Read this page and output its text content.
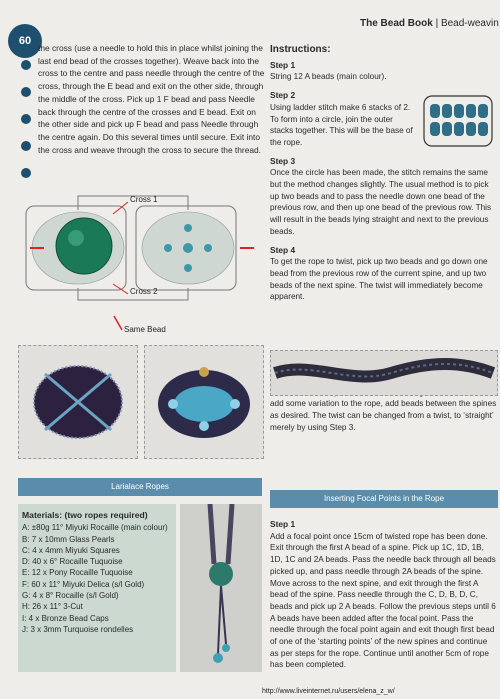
60
The Bead Book | Bead-weavin
the cross (use a needle to hold this in place whilst joining the last end bead of the crosses together). Weave back into the cross to the centre and pass needle through the centre of the cross, through the E bead and exit on the other side, through the middle of the cross. Pick up 1 F bead and pass Needle back through the centre of the crosses and E bead. Exit on the other side and pick up F bead and pass Needle through the centre again. Do this several times until secure. Exit into the cross and weave through the cross to secure the thread.
Cross 1
Cross 2
Same Bead
Larialace Ropes
Materials: (two ropes required)
A: ±80g 11° Miyuki Rocaille (main colour)
B: 7 x 10mm Glass Pearls
C: 4 x 4mm Miyuki Squares
D: 40 x 6° Rocaille Tuquoise
E: 12 x Pony Rocaille Tuquoise
F: 60 x 11° Miyuki Delica (s/l Gold)
G: 4 x 8° Rocaille (s/l Gold)
H: 26 x 11° 3-Cut
I: 4 x Bronze Bead Caps
J: 3 x 3mm Turquoise rondelles
Instructions:
Step 1

String 12 A beads (main colour).

Step 2

Using ladder stitch make 6 stacks of 2. To form into a circle, join the outer stacks together. This will be the base of the rope.

Step 3

Once the circle has been made, the stitch remains the same but the method changes slightly. The usual method is to pick up two beads and to pass the needle down one bead of the previous row, and then up one bead of the previous row. This will result in the beads lying straight and next to the previous beads.

Step 4

To get the rope to twist, pick up two beads and go down one bead from the previous row of the current spine, and up two beads of the next spine. The twist will immediately become apparent.

add some variation to the rope, add beads between the spines as desired. The twist can be changed from a twist, to ‘straight’ merely by using Step 3.

Inserting Focal Points in the Rope
Step 1

Add a focal point once 15cm of twisted rope has been done. Exit through the first A bead of a spine. Pick up 1C, 1D, 1B, 1D, 1C and 2A beads. Pass the needle back through all beads picked up, and pass needle through 2A beads of the spine. Move across to the next spine, and exit through the first A bead of the spine. Pass needle through the C, D, B, D, C, beads and pick up 2 A beads. Follow the previous steps until 6 A beads have been added after the focal point. Pass the needle through the focal point again and exit though first bead of one of the ‘starting points’ of the new spines and continue as per steps for the rope. Continue until another 5cm of rope has been completed.

http://www.liveinternet.ru/users/elena_z_w/
